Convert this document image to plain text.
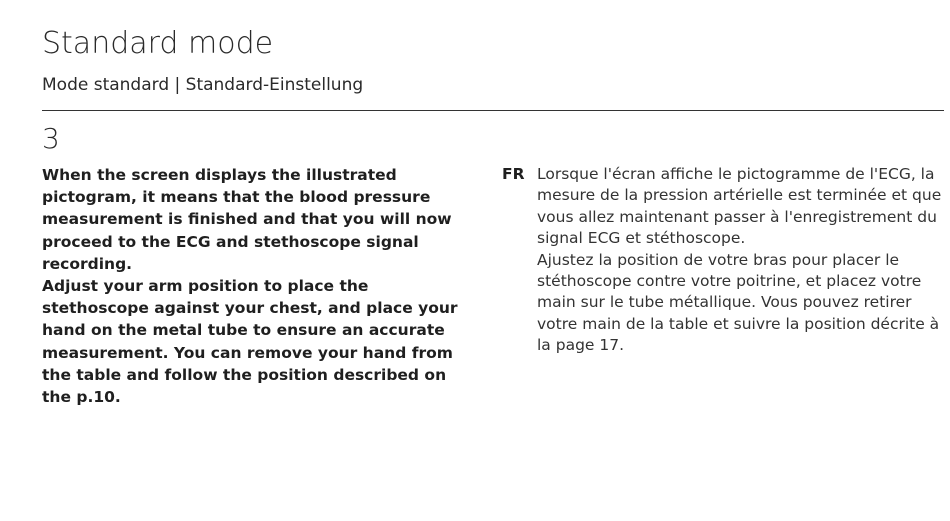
Standard mode
Mode standard | Standard-Einstellung
3

When the screen displays the illustrated pictogram, it means that the blood pressure measurement is finished and that you will now proceed to the ECG and stethoscope signal recording.

Adjust your arm position to place the stethoscope against your chest, and place your hand on the metal tube to ensure an accurate measurement. You can remove your hand from the table and follow the position described on the p.10.

FR Lorsque l'écran affiche le pictogramme de l'ECG, la mesure de la pression artérielle est terminée et que vous allez maintenant passer à l'enregistrement du signal ECG et stéthoscope.

Ajustez la position de votre bras pour placer le stéthoscope contre votre poitrine, et placez votre main sur le tube métallique. Vous pouvez retirer votre main de la table et suivre la position décrite à la page 17.
